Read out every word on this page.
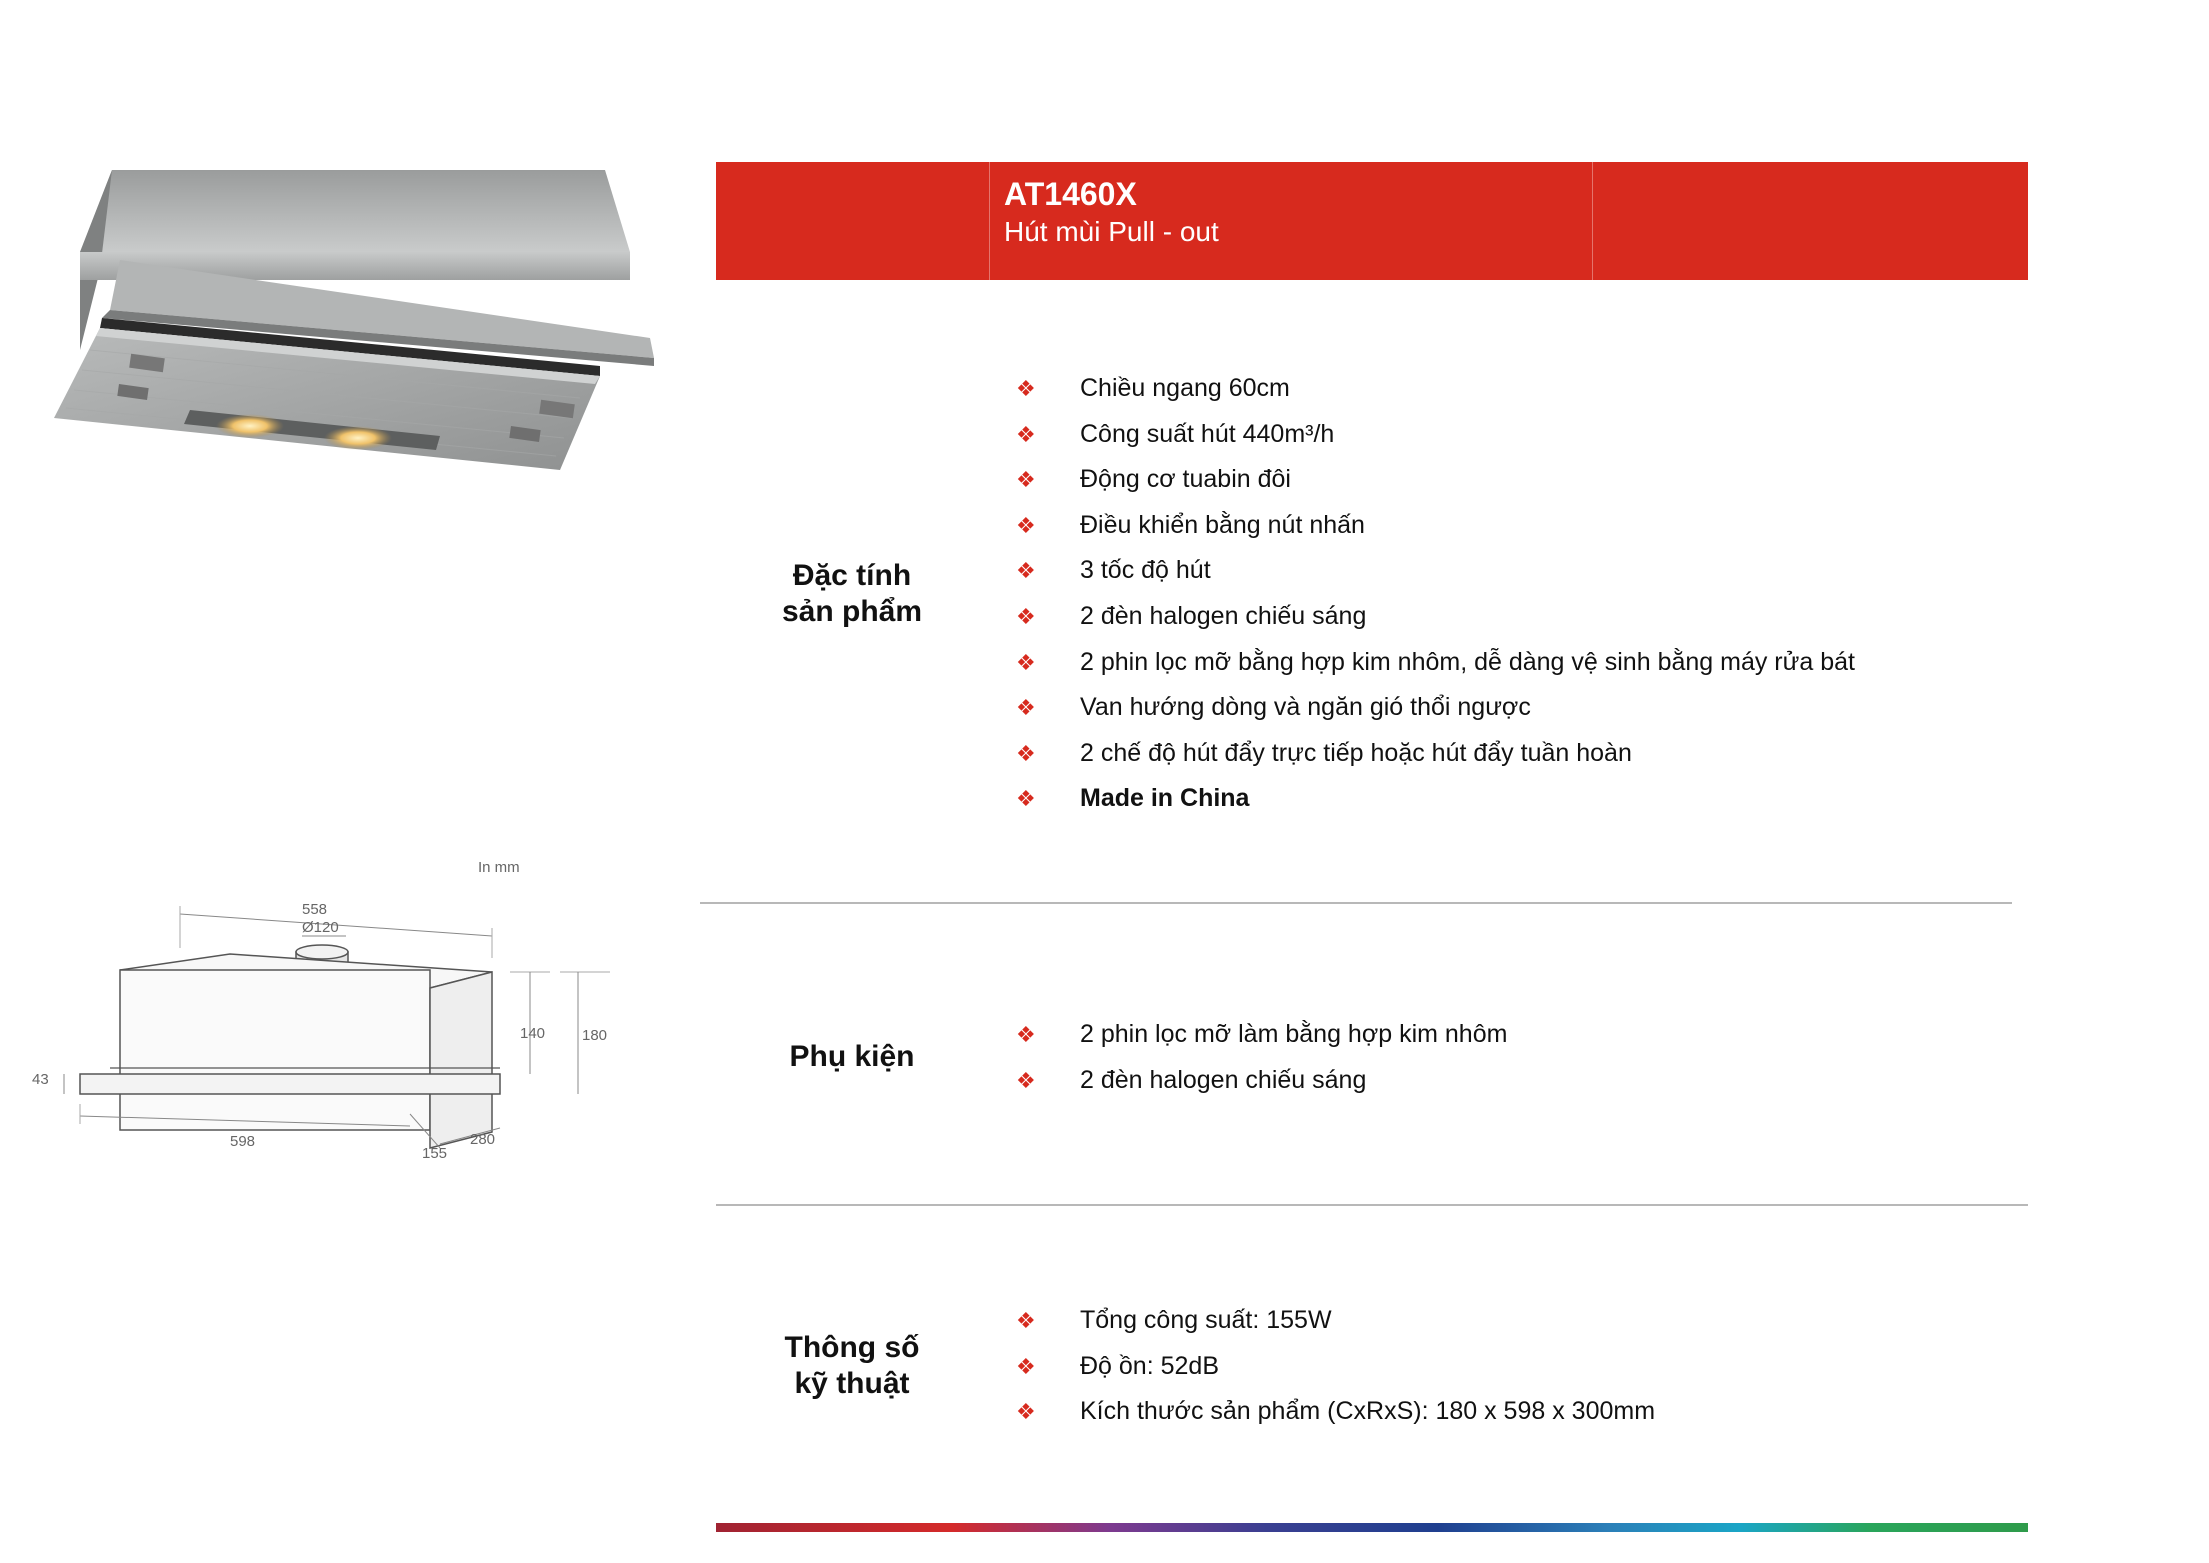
AT1460X
Hút mùi Pull - out
In mm
558
Ø120
140 180
43
598
155
280
Đặc tính
sản phẩm
❖ Chiều ngang 60cm
❖ Công suất hút 440m³/h
❖ Động cơ tuabin đôi
❖ Điều khiển bằng nút nhấn
❖ 3 tốc độ hút
❖ 2 đèn halogen chiếu sáng
❖ 2 phin lọc mỡ bằng hợp kim nhôm, dễ dàng vệ sinh bằng máy rửa bát
❖ Van hướng dòng và ngăn gió thổi ngược
❖ 2 chế độ hút đẩy trực tiếp hoặc hút đẩy tuần hoàn
❖ Made in China
Phụ kiện
❖ 2 phin lọc mỡ làm bằng hợp kim nhôm
❖ 2 đèn halogen chiếu sáng
Thông số
kỹ thuật
❖ Tổng công suất: 155W
❖ Độ ồn: 52dB
❖ Kích thước sản phẩm (CxRxS): 180 x 598 x 300mm
